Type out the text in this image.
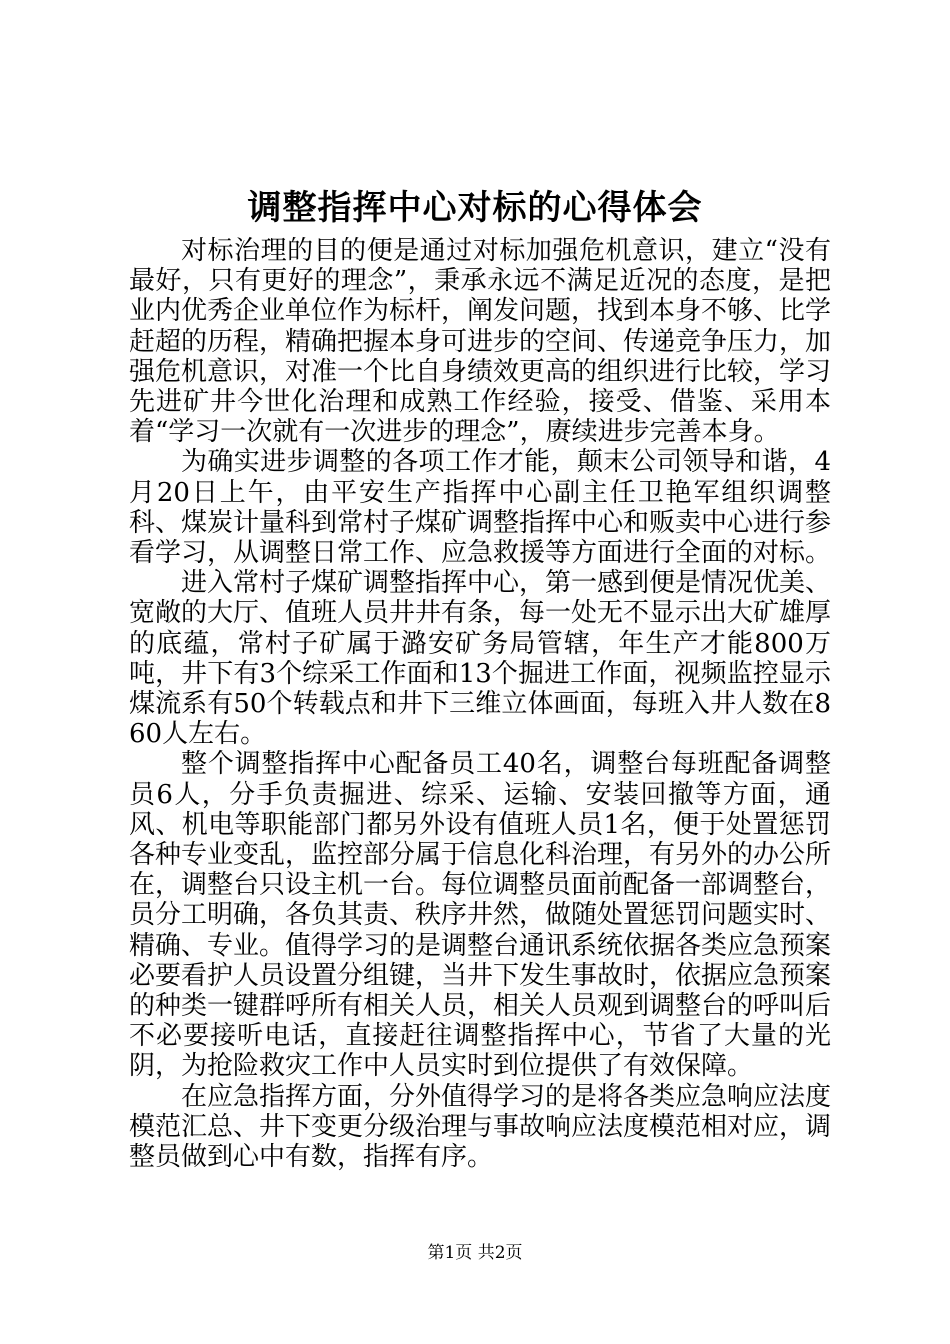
调整指挥中心对标的心得体会

对标治理的目的便是通过对标加强危机意识，建立“没有最好，只有更好的理念”，秉承永远不满足近况的态度，是把业内优秀企业单位作为标杆，阐发问题，找到本身不够、比学赶超的历程，精确把握本身可进步的空间、传递竞争压力，加强危机意识，对准一个比自身绩效更高的组织进行比较，学习先进矿井今世化治理和成熟工作经验，接受、借鉴、采用本着“学习一次就有一次进步的理念”，赓续进步完善本身。

为确实进步调整的各项工作才能，颠末公司领导和谐，4月20日上午，由平安生产指挥中心副主任卫艳军组织调整科、煤炭计量科到常村子煤矿调整指挥中心和贩卖中心进行参看学习，从调整日常工作、应急救援等方面进行全面的对标。

进入常村子煤矿调整指挥中心，第一感到便是情况优美、宽敞的大厅、值班人员井井有条，每一处无不显示出大矿雄厚的底蕴，常村子矿属于潞安矿务局管辖，年生产才能800万吨，井下有3个综采工作面和13个掘进工作面，视频监控显示煤流系有50个转载点和井下三维立体画面，每班入井人数在860人左右。

整个调整指挥中心配备员工40名，调整台每班配备调整员6人，分手负责掘进、综采、运输、安装回撤等方面，通风、机电等职能部门都另外设有值班人员1名，便于处置惩罚各种专业变乱，监控部分属于信息化科治理，有另外的办公所在，调整台只设主机一台。每位调整员面前配备一部调整台，员分工明确，各负其责、秩序井然，做随处置惩罚问题实时、精确、专业。值得学习的是调整台通讯系统依据各类应急预案必要看护人员设置分组键，当井下发生事故时，依据应急预案的种类一键群呼所有相关人员，相关人员观到调整台的呼叫后不必要接听电话，直接赶往调整指挥中心，节省了大量的光阴，为抢险救灾工作中人员实时到位提供了有效保障。

在应急指挥方面，分外值得学习的是将各类应急响应法度模范汇总、井下变更分级治理与事故响应法度模范相对应，调整员做到心中有数，指挥有序。

第1页 共2页
